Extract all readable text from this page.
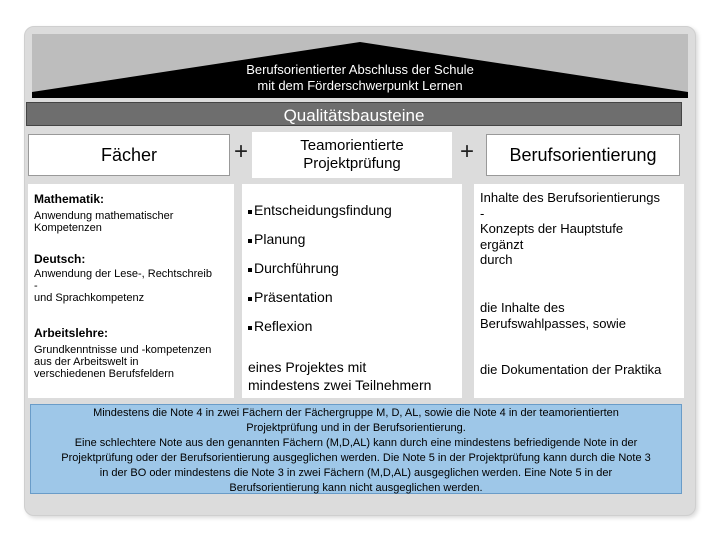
Berufsorientierter Abschluss der Schule
mit dem Förderschwerpunkt Lernen
Qualitätsbausteine
Fächer	+	Teamorientierte
Projektprüfung + Berufsorientierung
Mathematik:
Anwendung mathematischer
Kompetenzen
Deutsch:
Anwendung der Lese-, Rechtschreib
-
und Sprachkompetenz
Arbeitslehre:
Grundkenntnisse und -kompetenzen
aus der Arbeitswelt in
verschiedenen Berufsfeldern
Entscheidungsfindung
Planung
Durchführung
Präsentation
Reflexion
eines Projektes mit
mindestens zwei Teilnehmern
Inhalte des Berufsorientierungs
-
Konzepts der Hauptstufe
ergänzt
durch
die Inhalte des
Berufswahlpasses, sowie
die Dokumentation der Praktika
Mindestens die Note 4 in zwei Fächern der Fächergruppe M, D, AL, sowie die Note 4 in der teamorientierten
Projektprüfung und in der Berufsorientierung.
Eine schlechtere Note aus den genannten Fächern (M,D,AL) kann durch eine mindestens befriedigende Note in der
Projektprüfung oder der Berufsorientierung ausgeglichen werden. Die Note 5 in der Projektprüfung kann durch die Note 3
in der BO oder mindestens die Note 3 in zwei Fächern (M,D,AL) ausgeglichen werden. Eine Note 5 in der
Berufsorientierung kann nicht ausgeglichen werden.
